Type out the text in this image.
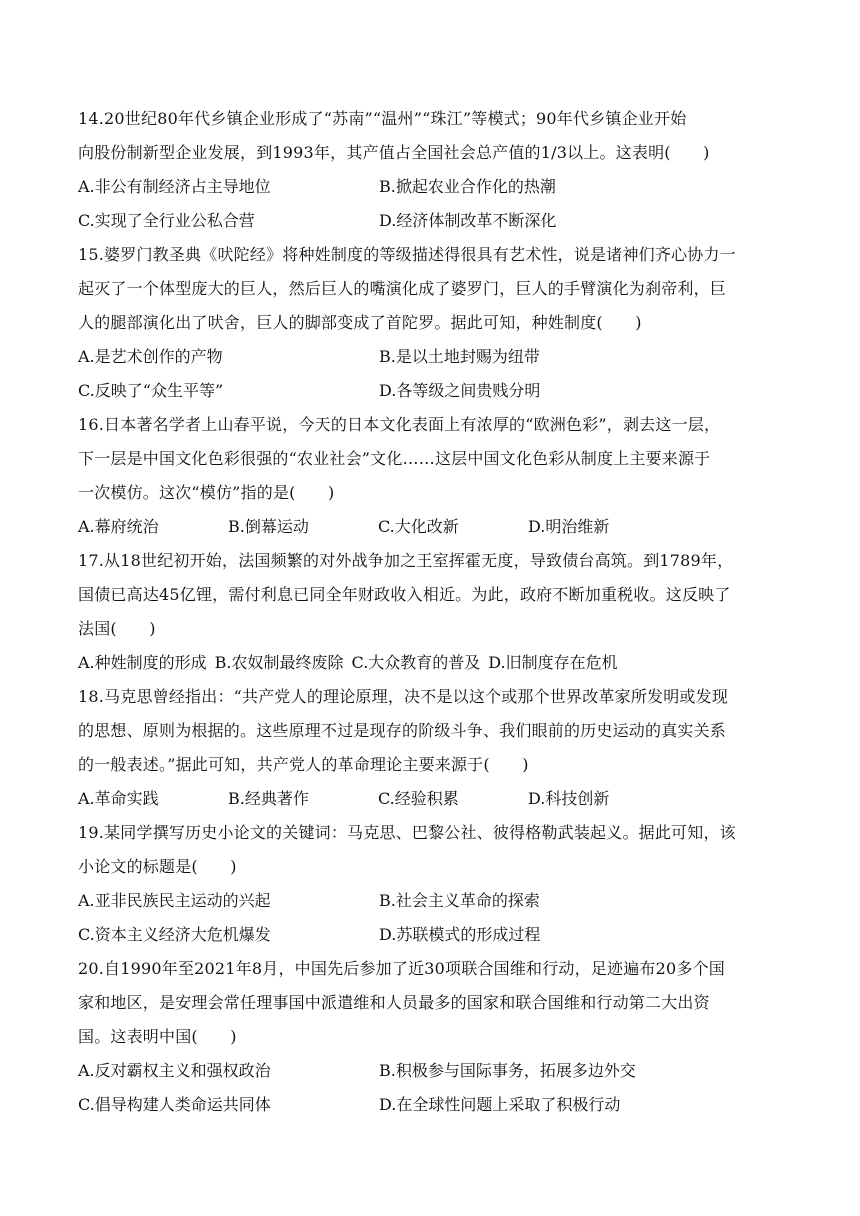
14.20世纪80年代乡镇企业形成了“苏南”“温州”“珠江”等模式；90年代乡镇企业开始
向股份制新型企业发展，到1993年，其产值占全国社会总产值的1/3以上。这表明(　　)
A.非公有制经济占主导地位	B.掀起农业合作化的热潮
C.实现了全行业公私合营	D.经济体制改革不断深化
15.婆罗门教圣典《吠陀经》将种姓制度的等级描述得很具有艺术性，说是诸神们齐心协力一
起灭了一个体型庞大的巨人，然后巨人的嘴演化成了婆罗门，巨人的手臂演化为刹帝利，巨
人的腿部演化出了吠舍，巨人的脚部变成了首陀罗。据此可知，种姓制度(　　)
A.是艺术创作的产物	B.是以土地封赐为纽带
C.反映了“众生平等”	D.各等级之间贵贱分明
16.日本著名学者上山春平说，今天的日本文化表面上有浓厚的“欧洲色彩”，剥去这一层，
下一层是中国文化色彩很强的“农业社会”文化……这层中国文化色彩从制度上主要来源于
一次模仿。这次“模仿”指的是(　　)
A.幕府统治	B.倒幕运动	C.大化改新	D.明治维新
17.从18世纪初开始，法国频繁的对外战争加之王室挥霍无度，导致债台高筑。到1789年，
国债已高达45亿锂，需付利息已同全年财政收入相近。为此，政府不断加重税收。这反映了
法国(　　)
A.种姓制度的形成 B.农奴制最终废除 C.大众教育的普及 D.旧制度存在危机
18.马克思曾经指出：“共产党人的理论原理，决不是以这个或那个世界改革家所发明或发现
的思想、原则为根据的。这些原理不过是现存的阶级斗争、我们眼前的历史运动的真实关系
的一般表述。”据此可知，共产党人的革命理论主要来源于(　　)
A.革命实践	B.经典著作	C.经验积累	D.科技创新
19.某同学撰写历史小论文的关键词：马克思、巴黎公社、彼得格勒武装起义。据此可知，该
小论文的标题是(　　)
A.亚非民族民主运动的兴起	B.社会主义革命的探索
C.资本主义经济大危机爆发	D.苏联模式的形成过程
20.自1990年至2021年8月，中国先后参加了近30项联合国维和行动，足迹遍布20多个国
家和地区，是安理会常任理事国中派遣维和人员最多的国家和联合国维和行动第二大出资
国。这表明中国(　　)
A.反对霸权主义和强权政治	B.积极参与国际事务，拓展多边外交
C.倡导构建人类命运共同体	D.在全球性问题上采取了积极行动
